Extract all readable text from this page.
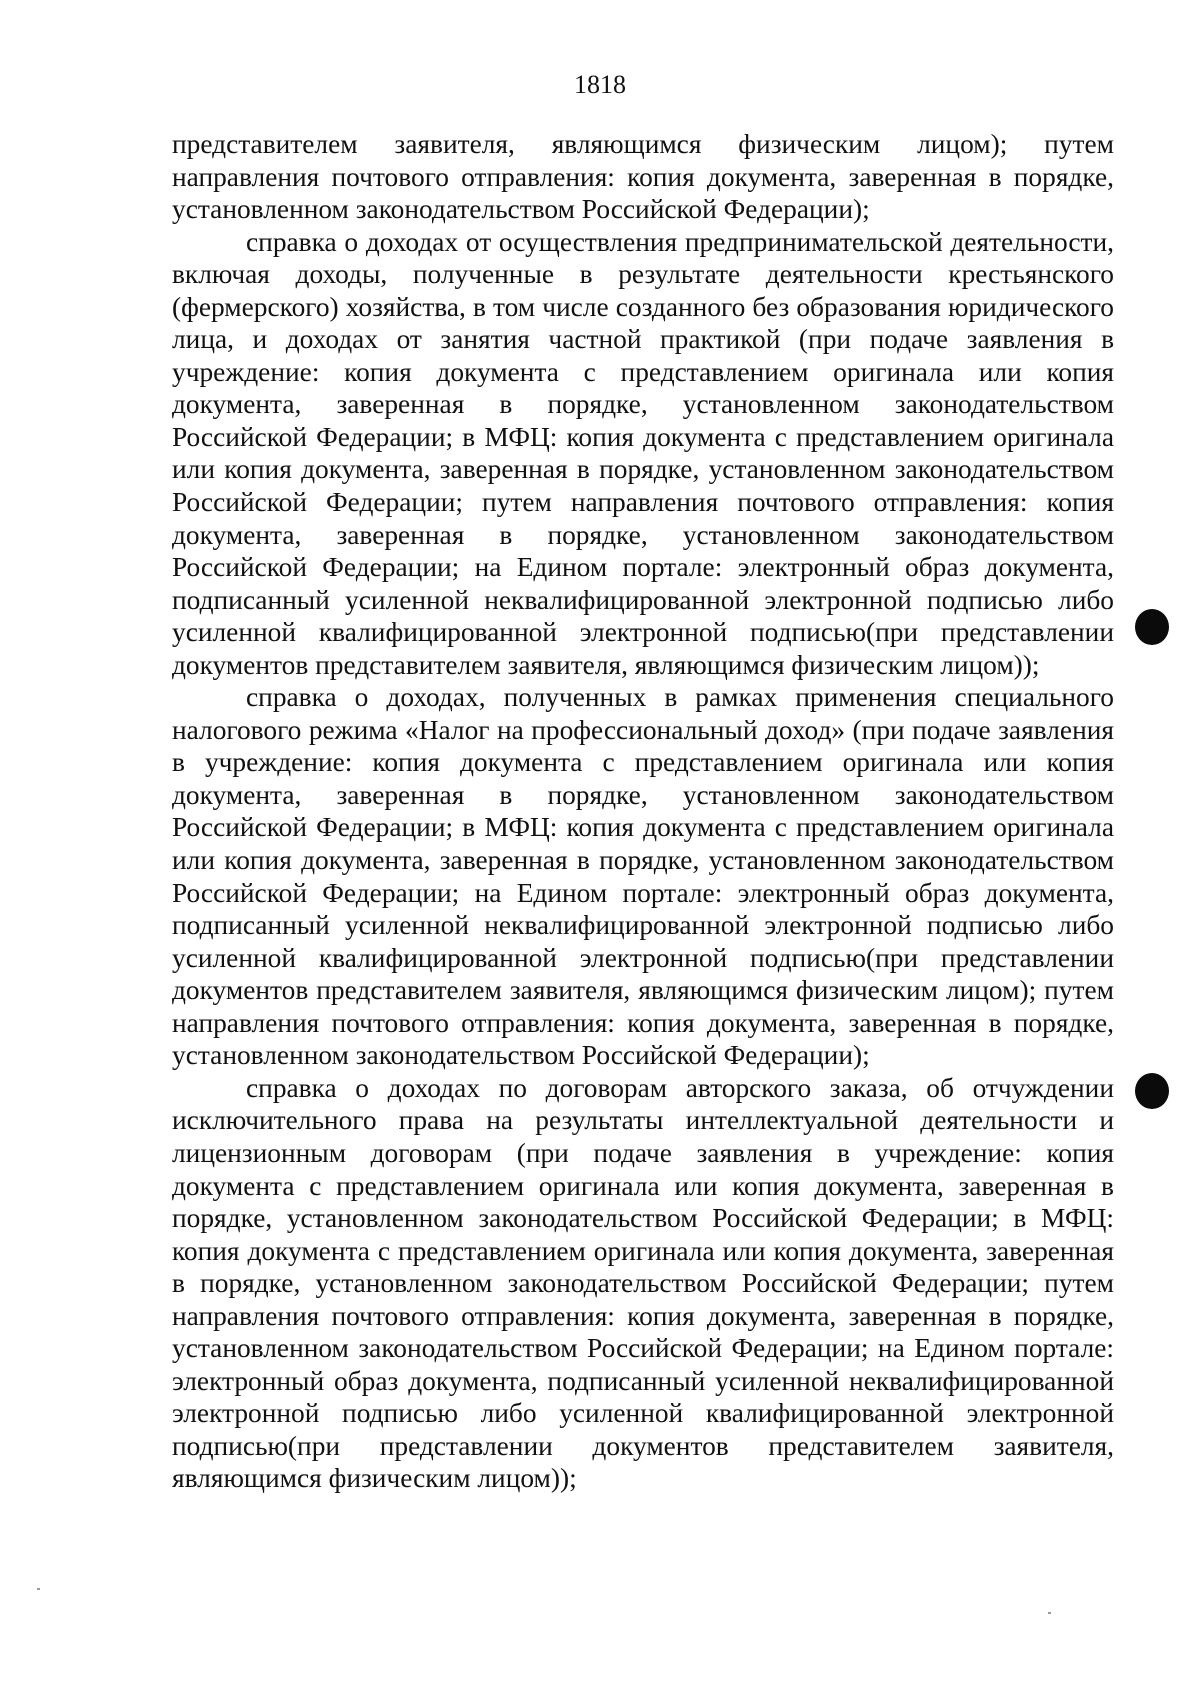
1818

представителем заявителя, являющимся физическим лицом); путем направления почтового отправления: копия документа, заверенная в порядке, установленном законодательством Российской Федерации);

справка о доходах от осуществления предпринимательской деятельности, включая доходы, полученные в результате деятельности крестьянского (фермерского) хозяйства, в том числе созданного без образования юридического лица, и доходах от занятия частной практикой (при подаче заявления в учреждение: копия документа с представлением оригинала или копия документа, заверенная в порядке, установленном законодательством Российской Федерации; в МФЦ: копия документа с представлением оригинала или копия документа, заверенная в порядке, установленном законодательством Российской Федерации; путем направления почтового отправления: копия документа, заверенная в порядке, установленном законодательством Российской Федерации; на Едином портале: электронный образ документа, подписанный усиленной неквалифицированной электронной подписью либо усиленной квалифицированной электронной подписью(при представлении документов представителем заявителя, являющимся физическим лицом));

справка о доходах, полученных в рамках применения специального налогового режима «Налог на профессиональный доход» (при подаче заявления в учреждение: копия документа с представлением оригинала или копия документа, заверенная в порядке, установленном законодательством Российской Федерации; в МФЦ: копия документа с представлением оригинала или копия документа, заверенная в порядке, установленном законодательством Российской Федерации; на Едином портале: электронный образ документа, подписанный усиленной неквалифицированной электронной подписью либо усиленной квалифицированной электронной подписью(при представлении документов представителем заявителя, являющимся физическим лицом); путем направления почтового отправления: копия документа, заверенная в порядке, установленном законодательством Российской Федерации);

справка о доходах по договорам авторского заказа, об отчуждении исключительного права на результаты интеллектуальной деятельности и лицензионным договорам (при подаче заявления в учреждение: копия документа с представлением оригинала или копия документа, заверенная в порядке, установленном законодательством Российской Федерации; в МФЦ: копия документа с представлением оригинала или копия документа, заверенная в порядке, установленном законодательством Российской Федерации; путем направления почтового отправления: копия документа, заверенная в порядке, установленном законодательством Российской Федерации; на Едином портале: электронный образ документа, подписанный усиленной неквалифицированной электронной подписью либо усиленной квалифицированной электронной подписью(при представлении документов представителем заявителя, являющимся физическим лицом));
